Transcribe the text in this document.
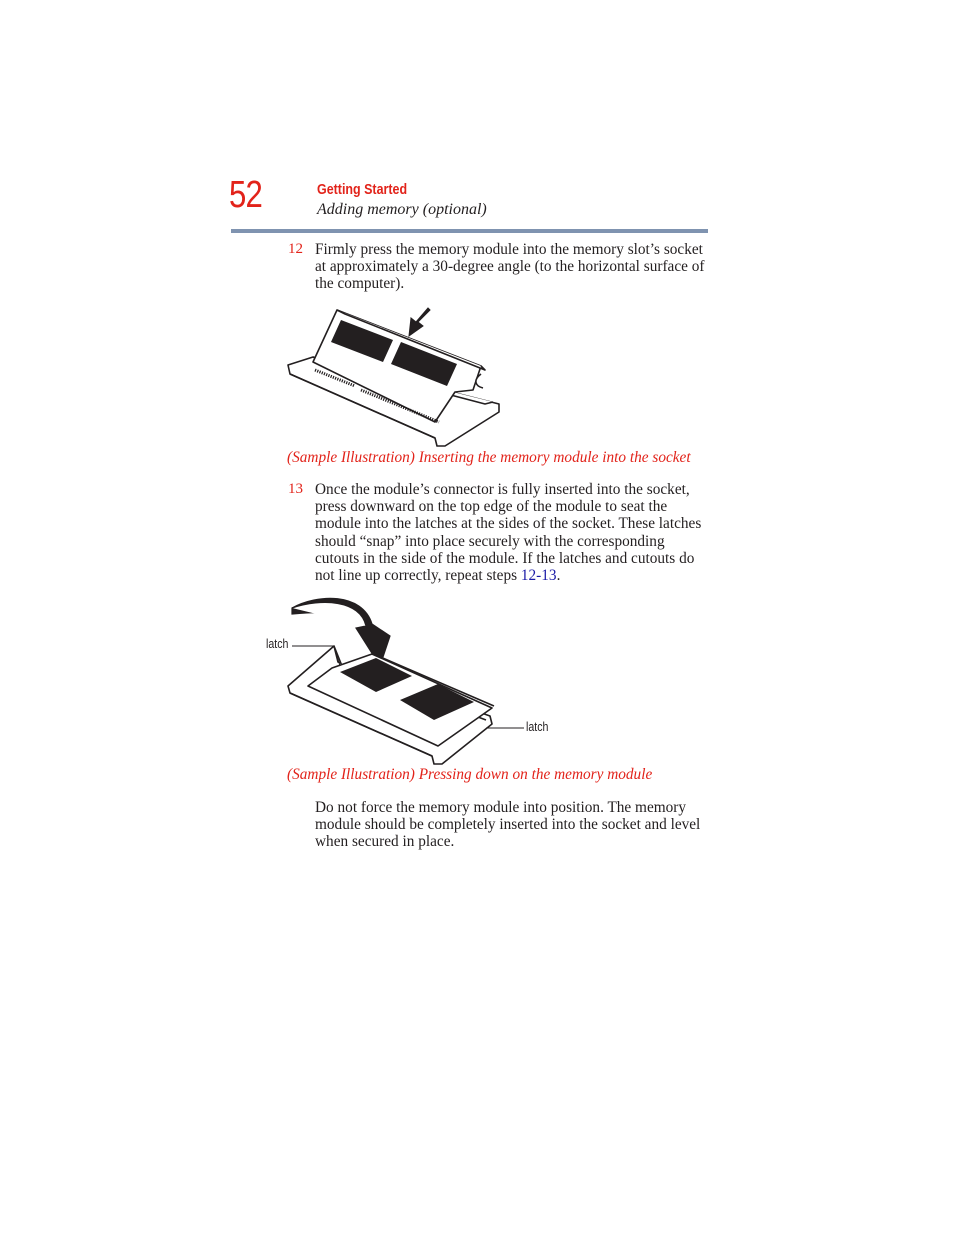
52	Getting Started
Adding memory (optional)
12 Firmly press the memory module into the memory slot’s socket at approximately a 30-degree angle (to the horizontal surface of the computer).
(Sample Illustration) Inserting the memory module into the socket
13 Once the module’s connector is fully inserted into the socket, press downward on the top edge of the module to seat the module into the latches at the sides of the socket. These latches should “snap” into place securely with the corresponding cutouts in the side of the module. If the latches and cutouts do not line up correctly, repeat steps 12-13.
latch
latch
(Sample Illustration) Pressing down on the memory module
Do not force the memory module into position. The memory module should be completely inserted into the socket and level when secured in place.
